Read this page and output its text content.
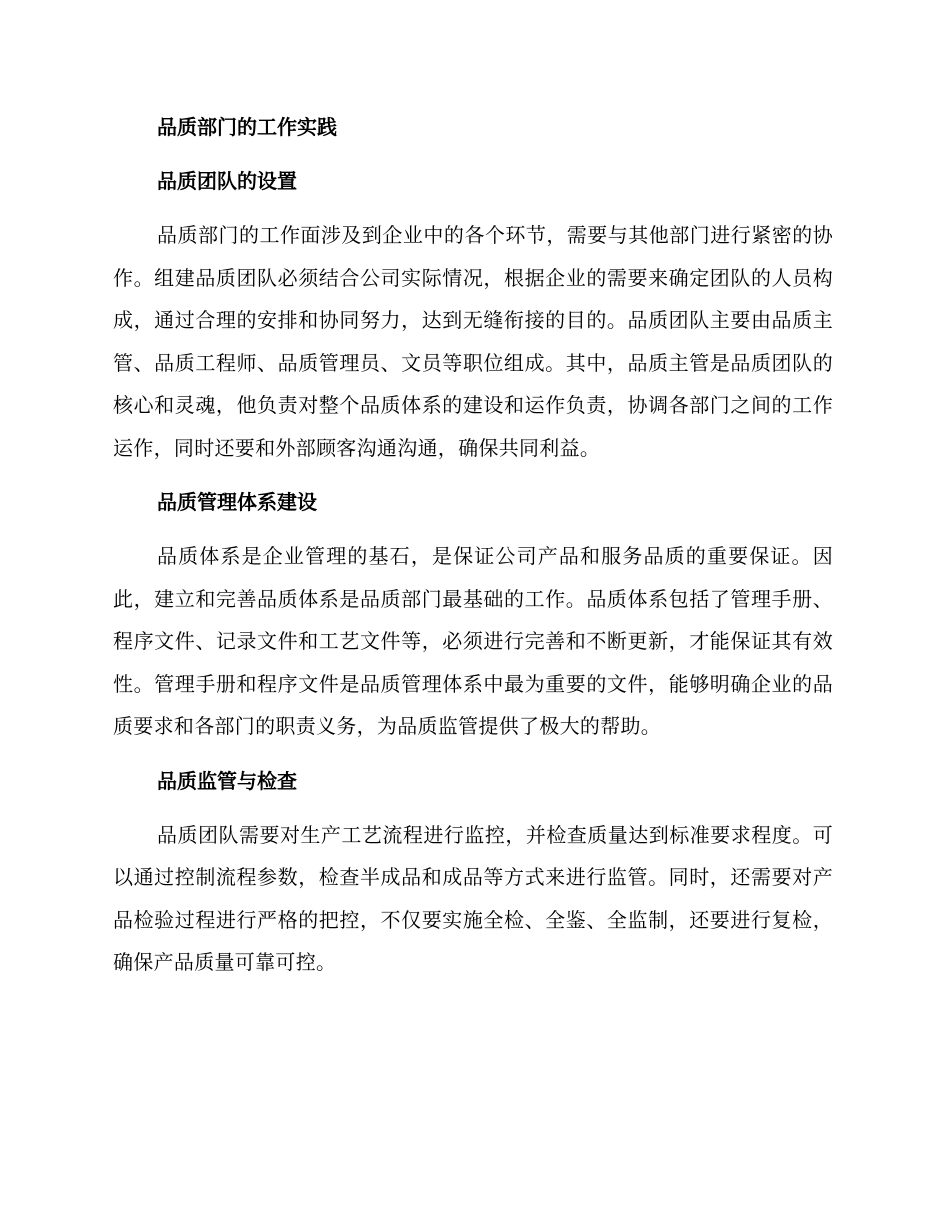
品质部门的工作实践
品质团队的设置

品质部门的工作面涉及到企业中的各个环节，需要与其他部门进行紧密的协作。组建品质团队必须结合公司实际情况，根据企业的需要来确定团队的人员构成，通过合理的安排和协同努力，达到无缝衔接的目的。品质团队主要由品质主管、品质工程师、品质管理员、文员等职位组成。其中，品质主管是品质团队的核心和灵魂，他负责对整个品质体系的建设和运作负责，协调各部门之间的工作运作，同时还要和外部顾客沟通沟通，确保共同利益。

品质管理体系建设

品质体系是企业管理的基石，是保证公司产品和服务品质的重要保证。因此，建立和完善品质体系是品质部门最基础的工作。品质体系包括了管理手册、程序文件、记录文件和工艺文件等，必须进行完善和不断更新，才能保证其有效性。管理手册和程序文件是品质管理体系中最为重要的文件，能够明确企业的品质要求和各部门的职责义务，为品质监管提供了极大的帮助。

品质监管与检查

品质团队需要对生产工艺流程进行监控，并检查质量达到标准要求程度。可以通过控制流程参数，检查半成品和成品等方式来进行监管。同时，还需要对产品检验过程进行严格的把控，不仅要实施全检、全鉴、全监制，还要进行复检，确保产品质量可靠可控。
